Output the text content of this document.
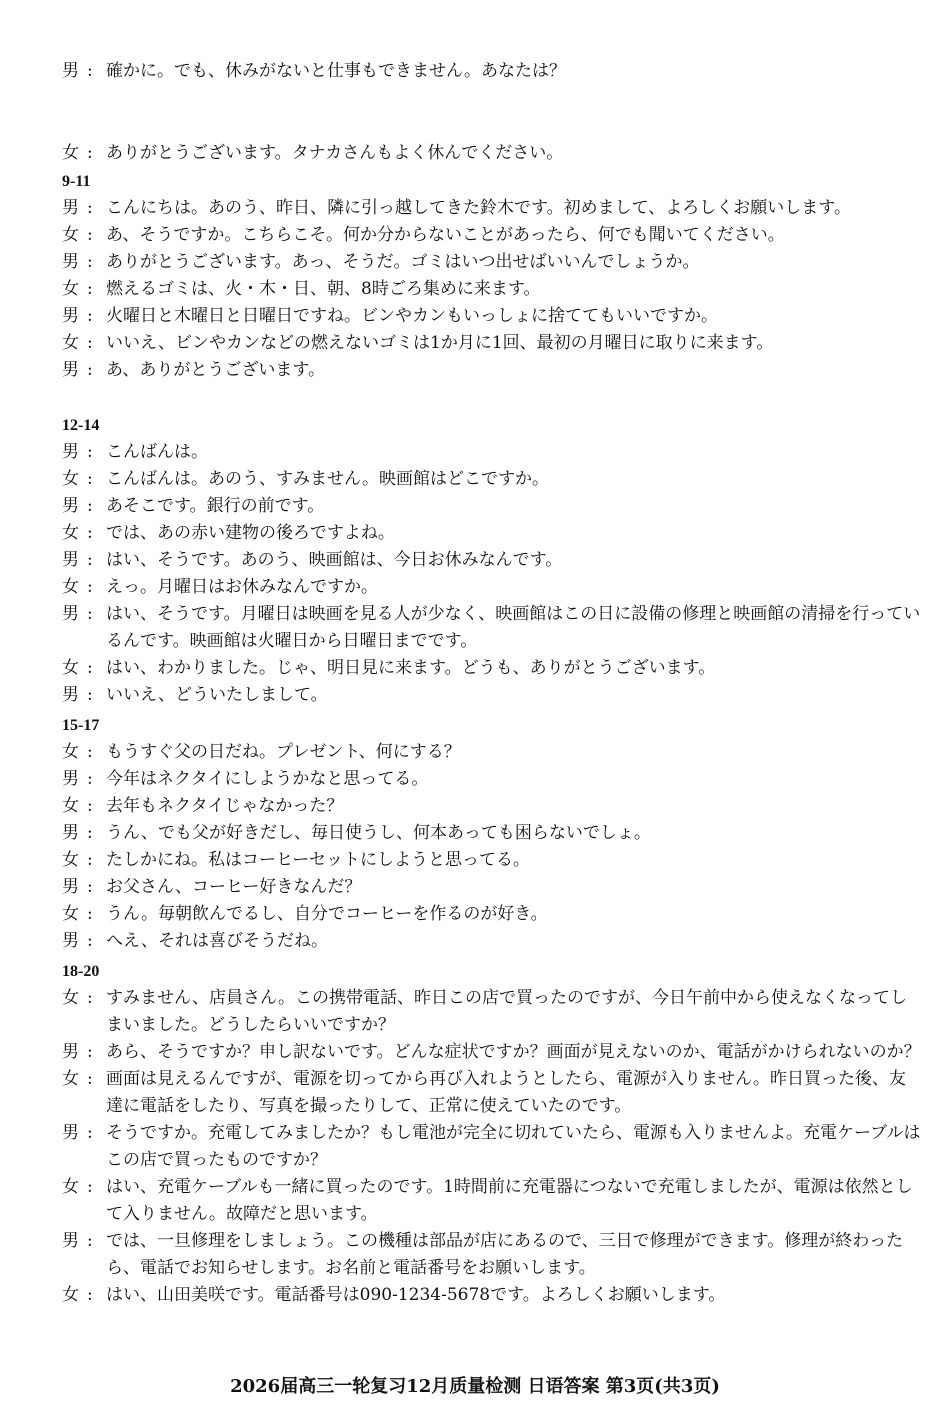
男 : 確かに。でも、休みがないと仕事もできません。あなたは？
女 : ありがとうございます。タナカさんもよく休んでください。
9-11
男 : こんにちは。あのう、昨日、隣に引っ越してきた鈴木です。初めまして、よろしくお願いします。
女 : あ、そうですか。こちらこそ。何か分からないことがあったら、何でも聞いてください。
男 : ありがとうございます。あっ、そうだ。ゴミはいつ出せばいいんでしょうか。
女 : 燃えるゴミは、火・木・日、朝、8時ごろ集めに来ます。
男 : 火曜日と木曜日と日曜日ですね。ビンやカンもいっしょに捨ててもいいですか。
女 : いいえ、ビンやカンなどの燃えないゴミは1か月に1回、最初の月曜日に取りに来ます。
男 : あ、ありがとうございます。
12-14
男 : こんばんは。
女 : こんばんは。あのう、すみません。映画館はどこですか。
男 : あそこです。銀行の前です。
女 : では、あの赤い建物の後ろですよね。
男 : はい、そうです。あのう、映画館は、今日お休みなんです。
女 : えっ。月曜日はお休みなんですか。
男 : はい、そうです。月曜日は映画を見る人が少なく、映画館はこの日に設備の修理と映画館の清掃を行っているんです。映画館は火曜日から日曜日までです。
女 : はい、わかりました。じゃ、明日見に来ます。どうも、ありがとうございます。
男 : いいえ、どういたしまして。
15-17
女 : もうすぐ父の日だね。プレゼント、何にする？
男 : 今年はネクタイにしようかなと思ってる。
女 : 去年もネクタイじゃなかった？
男 : うん、でも父が好きだし、毎日使うし、何本あっても困らないでしょ。
女 : たしかにね。私はコーヒーセットにしようと思ってる。
男 : お父さん、コーヒー好きなんだ？
女 : うん。毎朝飲んでるし、自分でコーヒーを作るのが好き。
男 : へえ、それは喜びそうだね。
18-20
女 : すみません、店員さん。この携帯電話、昨日この店で買ったのですが、今日午前中から使えなくなってしまいました。どうしたらいいですか？
男 : あら、そうですか？申し訳ないです。どんな症状ですか？画面が見えないのか、電話がかけられないのか？
女 : 画面は見えるんですが、電源を切ってから再び入れようとしたら、電源が入りません。昨日買った後、友達に電話をしたり、写真を撮ったりして、正常に使えていたのです。
男 : そうですか。充電してみましたか？もし電池が完全に切れていたら、電源も入りませんよ。充電ケーブルはこの店で買ったものですか？
女 : はい、充電ケーブルも一緒に買ったのです。1時間前に充電器につないで充電しましたが、電源は依然として入りません。故障だと思います。
男 : では、一旦修理をしましょう。この機種は部品が店にあるので、三日で修理ができます。修理が終わったら、電話でお知らせします。お名前と電話番号をお願いします。
女 : はい、山田美咲です。電話番号は090-1234-5678です。よろしくお願いします。
2026届高三一轮复习12月质量检测 日语答案 第3页(共3页)
